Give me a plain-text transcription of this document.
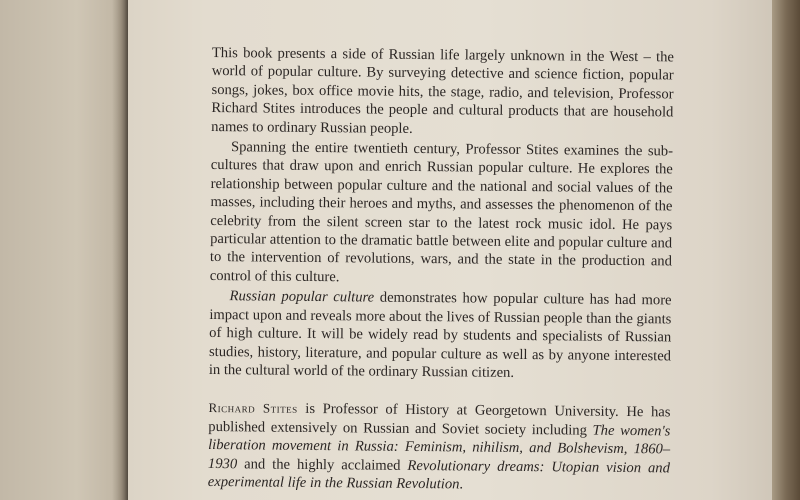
This book presents a side of Russian life largely unknown in the West – the world of popular culture. By surveying detective and science fiction, popular songs, jokes, box office movie hits, the stage, radio, and television, Professor Richard Stites introduces the people and cultural products that are household names to ordinary Russian people.

Spanning the entire twentieth century, Professor Stites examines the sub-cultures that draw upon and enrich Russian popular culture. He explores the relationship between popular culture and the national and social values of the masses, including their heroes and myths, and assesses the phenomenon of the celebrity from the silent screen star to the latest rock music idol. He pays particular attention to the dramatic battle between elite and popular culture and to the intervention of revolutions, wars, and the state in the production and control of this culture.

Russian popular culture demonstrates how popular culture has had more impact upon and reveals more about the lives of Russian people than the giants of high culture. It will be widely read by students and specialists of Russian studies, history, literature, and popular culture as well as by anyone interested in the cultural world of the ordinary Russian citizen.

Richard Stites is Professor of History at Georgetown University. He has published extensively on Russian and Soviet society including The women's liberation movement in Russia: Feminism, nihilism, and Bolshevism, 1860–1930 and the highly acclaimed Revolutionary dreams: Utopian vision and experimental life in the Russian Revolution.
